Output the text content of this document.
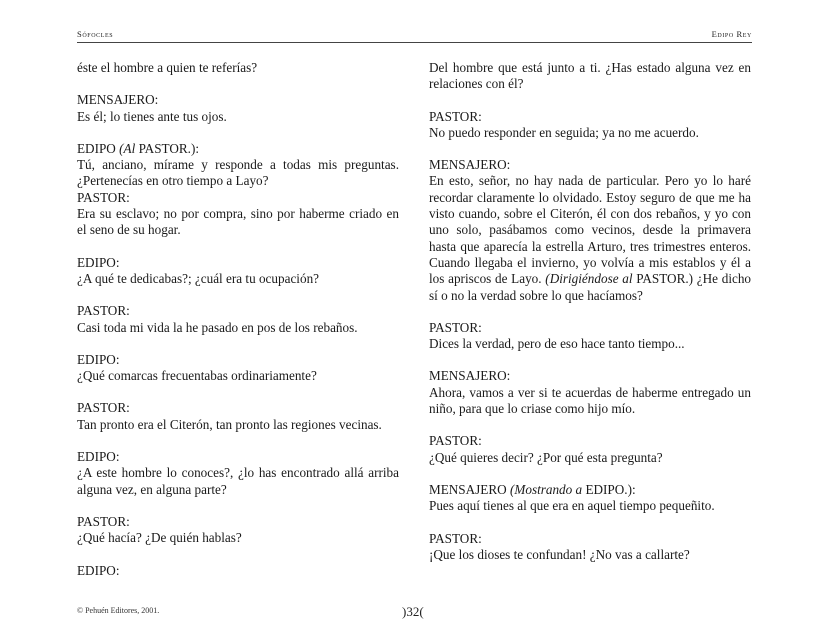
Sófocles	Edipo Rey

éste el hombre a quien te referías?

MENSAJERO:

Es él; lo tienes ante tus ojos.

EDIPO (Al PASTOR.):

Tú, anciano, mírame y responde a todas mis preguntas. ¿Pertenecías en otro tiempo a Layo?

PASTOR:

Era su esclavo; no por compra, sino por haberme criado en el seno de su hogar.

EDIPO:

¿A qué te dedicabas?; ¿cuál era tu ocupación?

PASTOR:

Casi toda mi vida la he pasado en pos de los rebaños.

EDIPO:

¿Qué comarcas frecuentabas ordinariamente?

PASTOR:

Tan pronto era el Citerón, tan pronto las regiones vecinas.

EDIPO:

¿A este hombre lo conoces?, ¿lo has encontrado allá arriba alguna vez, en alguna parte?

PASTOR:

¿Qué hacía? ¿De quién hablas?

EDIPO:

Del hombre que está junto a ti. ¿Has estado alguna vez en relaciones con él?

PASTOR:

No puedo responder en seguida; ya no me acuerdo.

MENSAJERO:

En esto, señor, no hay nada de particular. Pero yo lo haré recordar claramente lo olvidado. Estoy seguro de que me ha visto cuando, sobre el Citerón, él con dos rebaños, y yo con uno solo, pasábamos como vecinos, desde la primavera hasta que aparecía la estrella Arturo, tres trimestres enteros. Cuando llegaba el invierno, yo volvía a mis establos y él a los apriscos de Layo. (Dirigiéndose al PASTOR.) ¿He dicho sí o no la verdad sobre lo que hacíamos?

PASTOR:

Dices la verdad, pero de eso hace tanto tiempo...

MENSAJERO:

Ahora, vamos a ver si te acuerdas de haberme entregado un niño, para que lo criase como hijo mío.

PASTOR:

¿Qué quieres decir? ¿Por qué esta pregunta?

MENSAJERO (Mostrando a EDIPO.):

Pues aquí tienes al que era en aquel tiempo pequeñito.

PASTOR:

¡Que los dioses te confundan! ¿No vas a callarte?

© Pehuén Editores, 2001.	)32(
